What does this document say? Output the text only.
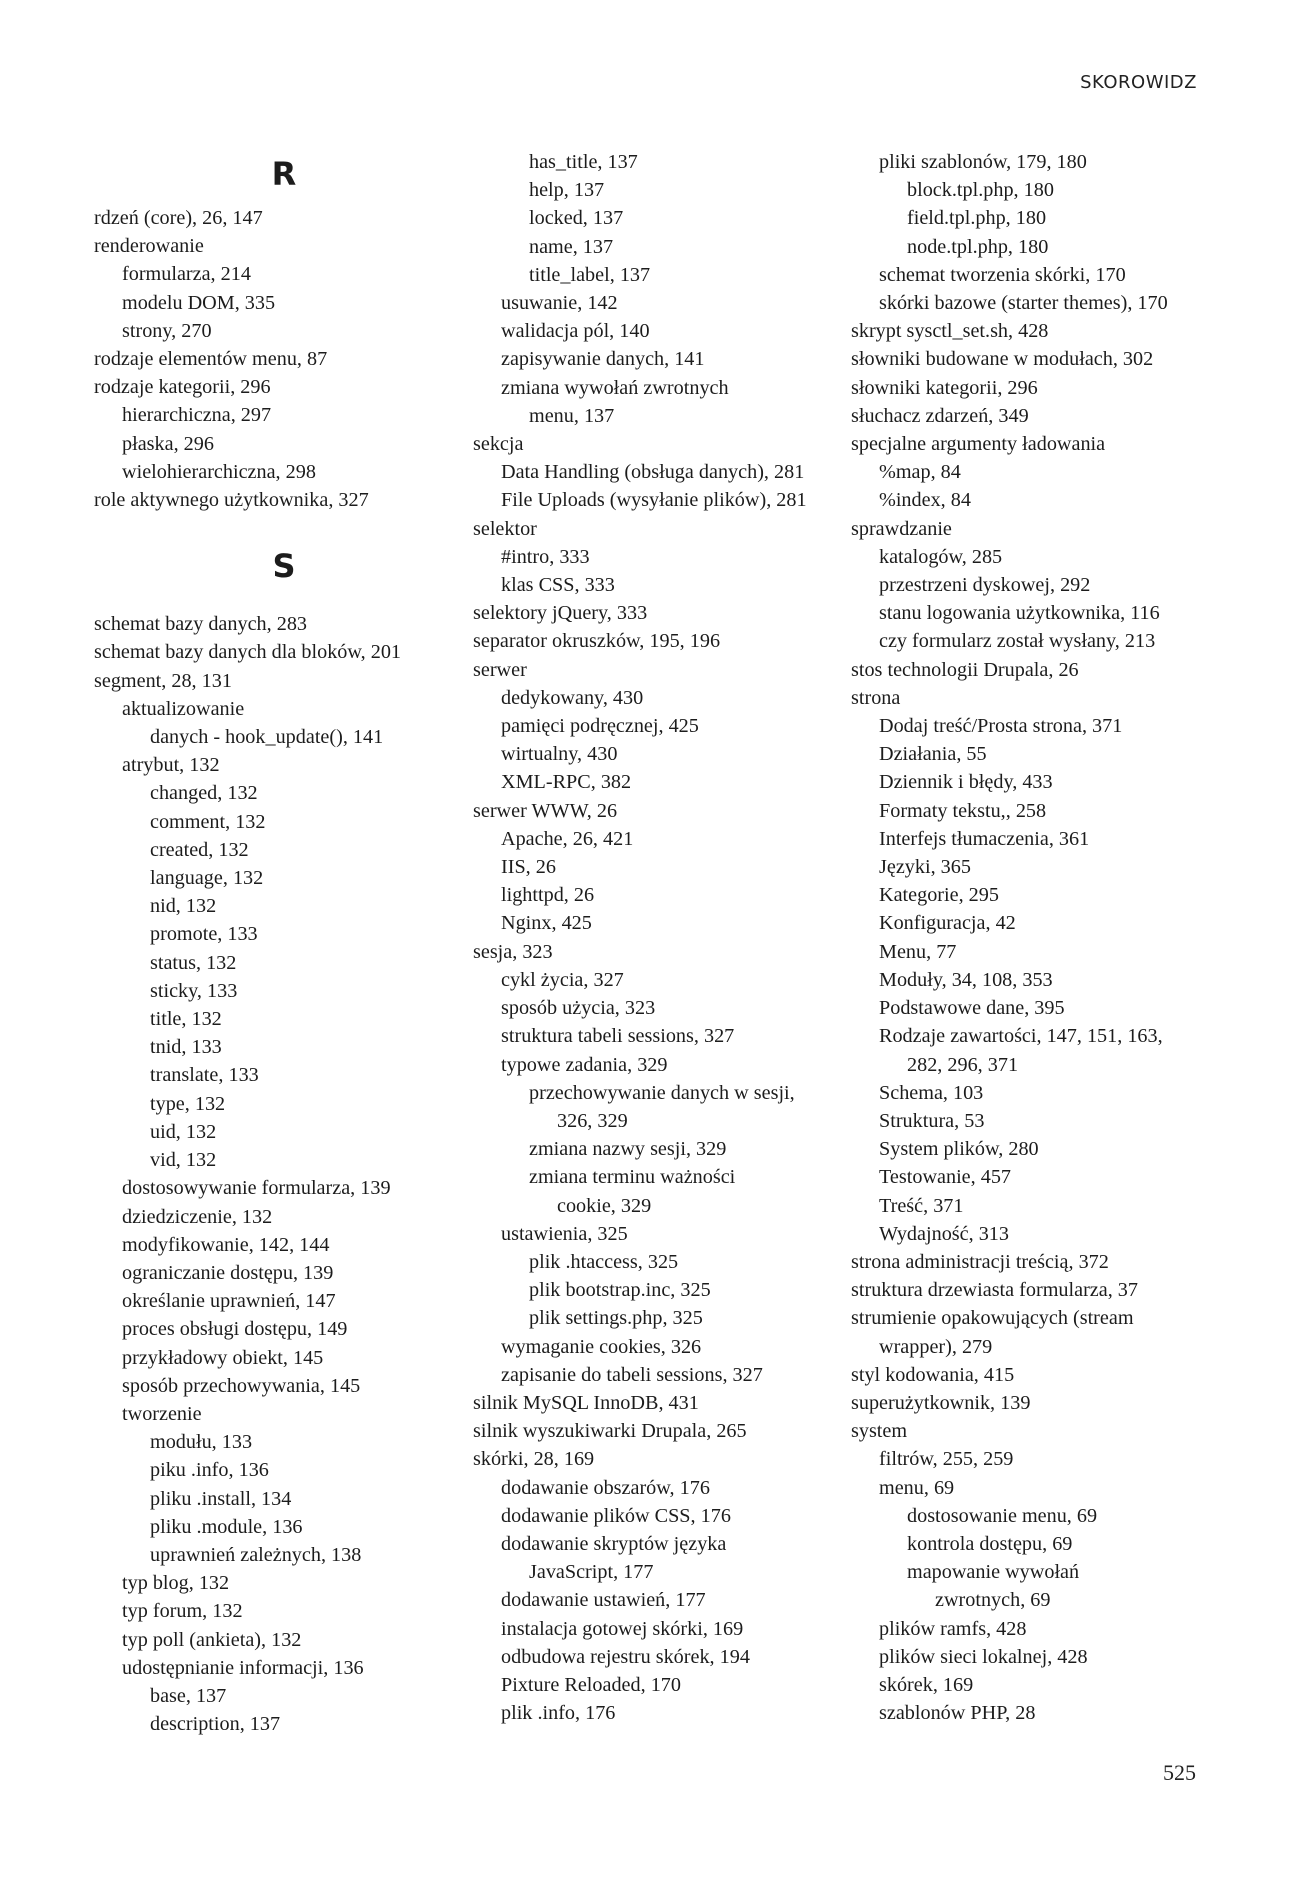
SKOROWIDZ
R
rdzeń (core), 26, 147
renderowanie
formularza, 214
modelu DOM, 335
strony, 270
rodzaje elementów menu, 87
rodzaje kategorii, 296
hierarchiczna, 297
płaska, 296
wielohierarchiczna, 298
role aktywnego użytkownika, 327
S
schemat bazy danych, 283
schemat bazy danych dla bloków, 201
segment, 28, 131
aktualizowanie
danych - hook_update(), 141
atrybut, 132
changed, 132
comment, 132
created, 132
language, 132
nid, 132
promote, 133
status, 132
sticky, 133
title, 132
tnid, 133
translate, 133
type, 132
uid, 132
vid, 132
dostosowywanie formularza, 139
dziedziczenie, 132
modyfikowanie, 142, 144
ograniczanie dostępu, 139
określanie uprawnień, 147
proces obsługi dostępu, 149
przykładowy obiekt, 145
sposób przechowywania, 145
tworzenie
modułu, 133
piku .info, 136
pliku .install, 134
pliku .module, 136
uprawnień zależnych, 138
typ blog, 132
typ forum, 132
typ poll (ankieta), 132
udostępnianie informacji, 136
base, 137
description, 137
has_title, 137
help, 137
locked, 137
name, 137
title_label, 137
usuwanie, 142
walidacja pól, 140
zapisywanie danych, 141
zmiana wywołań zwrotnych
menu, 137
sekcja
Data Handling (obsługa danych), 281
File Uploads (wysyłanie plików), 281
selektor
#intro, 333
klas CSS, 333
selektory jQuery, 333
separator okruszków, 195, 196
serwer
dedykowany, 430
pamięci podręcznej, 425
wirtualny, 430
XML-RPC, 382
serwer WWW, 26
Apache, 26, 421
IIS, 26
lighttpd, 26
Nginx, 425
sesja, 323
cykl życia, 327
sposób użycia, 323
struktura tabeli sessions, 327
typowe zadania, 329
przechowywanie danych w sesji,
326, 329
zmiana nazwy sesji, 329
zmiana terminu ważności
cookie, 329
ustawienia, 325
plik .htaccess, 325
plik bootstrap.inc, 325
plik settings.php, 325
wymaganie cookies, 326
zapisanie do tabeli sessions, 327
silnik MySQL InnoDB, 431
silnik wyszukiwarki Drupala, 265
skórki, 28, 169
dodawanie obszarów, 176
dodawanie plików CSS, 176
dodawanie skryptów języka
JavaScript, 177
dodawanie ustawień, 177
instalacja gotowej skórki, 169
odbudowa rejestru skórek, 194
Pixture Reloaded, 170
plik .info, 176
pliki szablonów, 179, 180
block.tpl.php, 180
field.tpl.php, 180
node.tpl.php, 180
schemat tworzenia skórki, 170
skórki bazowe (starter themes), 170
skrypt sysctl_set.sh, 428
słowniki budowane w modułach, 302
słowniki kategorii, 296
słuchacz zdarzeń, 349
specjalne argumenty ładowania
%map, 84
%index, 84
sprawdzanie
katalogów, 285
przestrzeni dyskowej, 292
stanu logowania użytkownika, 116
czy formularz został wysłany, 213
stos technologii Drupala, 26
strona
Dodaj treść/Prosta strona, 371
Działania, 55
Dziennik i błędy, 433
Formaty tekstu,, 258
Interfejs tłumaczenia, 361
Języki, 365
Kategorie, 295
Konfiguracja, 42
Menu, 77
Moduły, 34, 108, 353
Podstawowe dane, 395
Rodzaje zawartości, 147, 151, 163,
282, 296, 371
Schema, 103
Struktura, 53
System plików, 280
Testowanie, 457
Treść, 371
Wydajność, 313
strona administracji treścią, 372
struktura drzewiasta formularza, 37
strumienie opakowujących (stream
wrapper), 279
styl kodowania, 415
superużytkownik, 139
system
filtrów, 255, 259
menu, 69
dostosowanie menu, 69
kontrola dostępu, 69
mapowanie wywołań
zwrotnych, 69
plików ramfs, 428
plików sieci lokalnej, 428
skórek, 169
szablonów PHP, 28
525
